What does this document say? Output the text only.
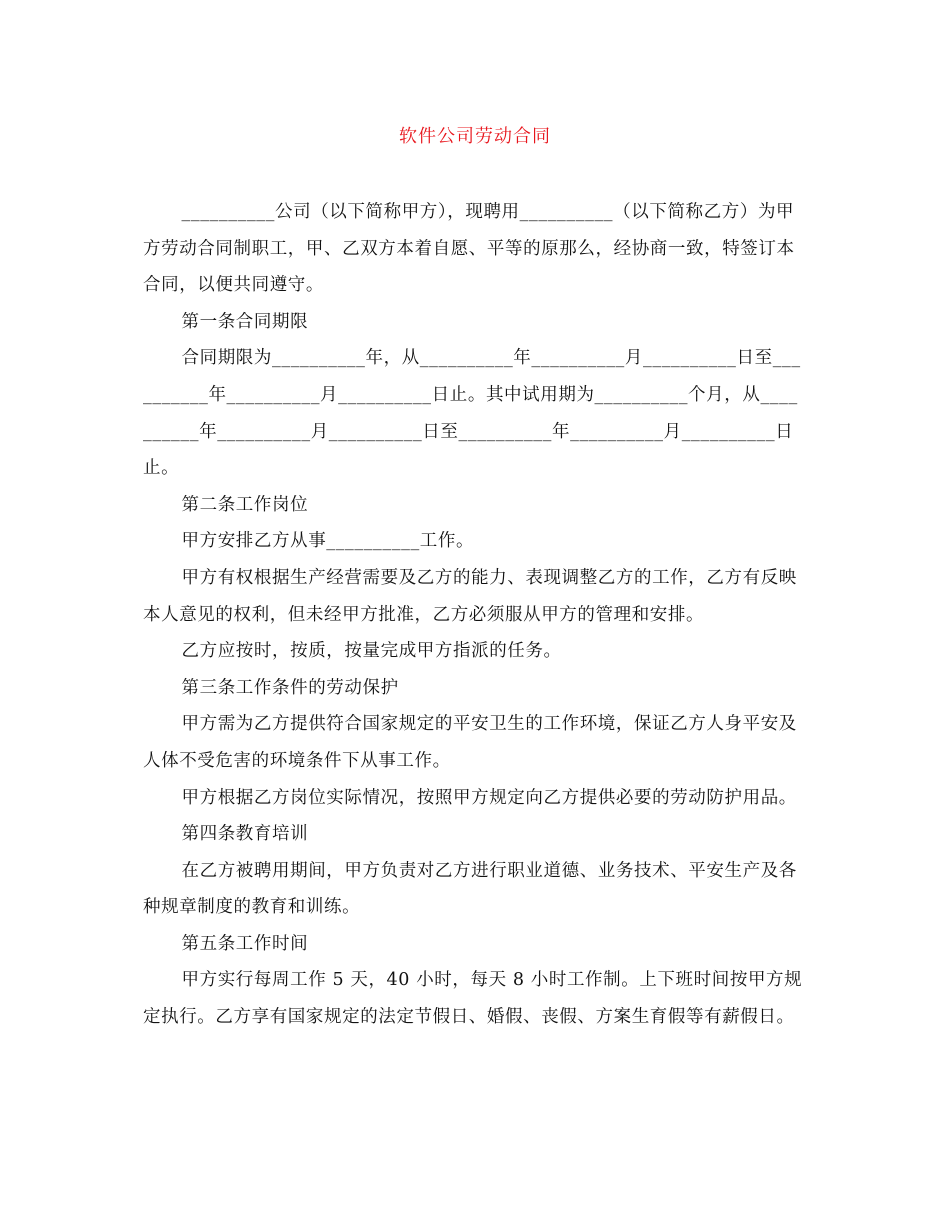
软件公司劳动合同

__________公司（以下简称甲方），现聘用__________（以下简称乙方）为甲方劳动合同制职工，甲、乙双方本着自愿、平等的原那么，经协商一致，特签订本合同，以便共同遵守。

第一条合同期限

合同期限为__________年，从__________年__________月__________日至__________年__________月__________日止。其中试用期为__________个月，从__________年__________月__________日至__________年__________月__________日止。

第二条工作岗位

甲方安排乙方从事__________工作。

甲方有权根据生产经营需要及乙方的能力、表现调整乙方的工作，乙方有反映本人意见的权利，但未经甲方批准，乙方必须服从甲方的管理和安排。

乙方应按时，按质，按量完成甲方指派的任务。

第三条工作条件的劳动保护

甲方需为乙方提供符合国家规定的平安卫生的工作环境，保证乙方人身平安及人体不受危害的环境条件下从事工作。

甲方根据乙方岗位实际情况，按照甲方规定向乙方提供必要的劳动防护用品。

第四条教育培训

在乙方被聘用期间，甲方负责对乙方进行职业道德、业务技术、平安生产及各种规章制度的教育和训练。

第五条工作时间

甲方实行每周工作 5 天，40 小时，每天 8 小时工作制。上下班时间按甲方规定执行。乙方享有国家规定的法定节假日、婚假、丧假、方案生育假等有薪假日。
